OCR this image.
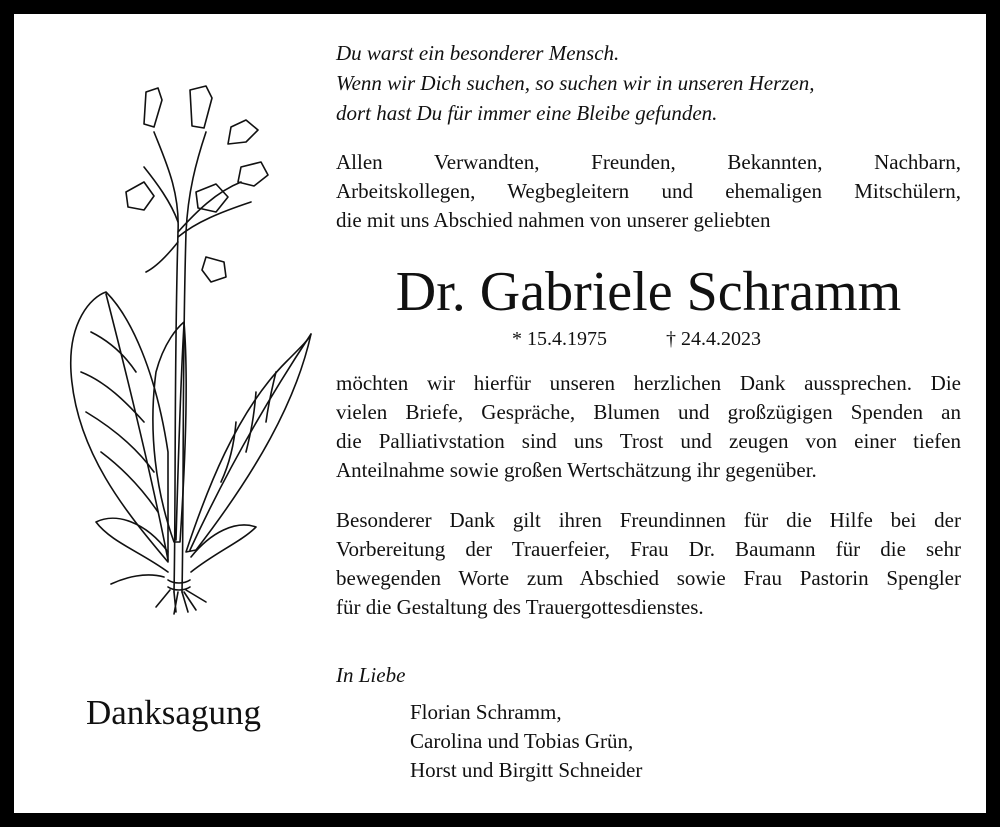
Du warst ein besonderer Mensch.
Wenn wir Dich suchen, so suchen wir in unseren Herzen,
dort hast Du für immer eine Bleibe gefunden.
Allen Verwandten, Freunden, Bekannten, Nachbarn,
Arbeitskollegen, Wegbegleitern und ehemaligen Mitschülern,
die mit uns Abschied nahmen von unserer geliebten
Dr. Gabriele Schramm
* 15.4.1975	† 24.4.2023
möchten wir hierfür unseren herzlichen Dank aussprechen. Die
vielen Briefe, Gespräche, Blumen und großzügigen Spenden an
die Palliativstation sind uns Trost und zeugen von einer tiefen
Anteilnahme sowie großen Wertschätzung ihr gegenüber.
Besonderer Dank gilt ihren Freundinnen für die Hilfe bei der
Vorbereitung der Trauerfeier, Frau Dr. Baumann für die sehr
bewegenden Worte zum Abschied sowie Frau Pastorin Spengler
für die Gestaltung des Trauergottesdienstes.
In Liebe
Florian Schramm,
Carolina und Tobias Grün,
Horst und Birgitt Schneider
Danksagung
